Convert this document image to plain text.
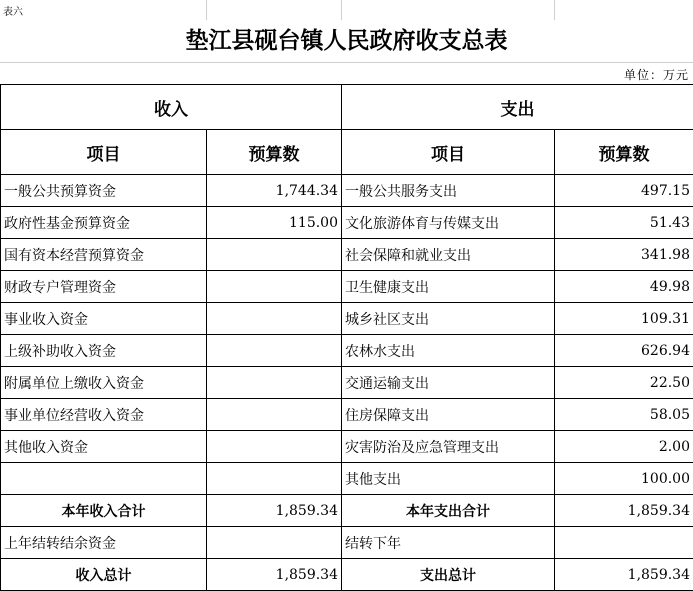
表六
垫江县砚台镇人民政府收支总表
单位：万元
收入		支出	
项目	预算数	项目	预算数
一般公共预算资金	1,744.34	一般公共服务支出	497.15
政府性基金预算资金	115.00	文化旅游体育与传媒支出	51.43
国有资本经营预算资金		社会保障和就业支出	341.98
财政专户管理资金		卫生健康支出	49.98
事业收入资金		城乡社区支出	109.31
上级补助收入资金		农林水支出	626.94
附属单位上缴收入资金		交通运输支出	22.50
事业单位经营收入资金		住房保障支出	58.05
其他收入资金		灾害防治及应急管理支出	2.00
		其他支出	100.00
本年收入合计	1,859.34	本年支出合计	1,859.34
上年结转结余资金		结转下年	
收入总计	1,859.34	支出总计	1,859.34
